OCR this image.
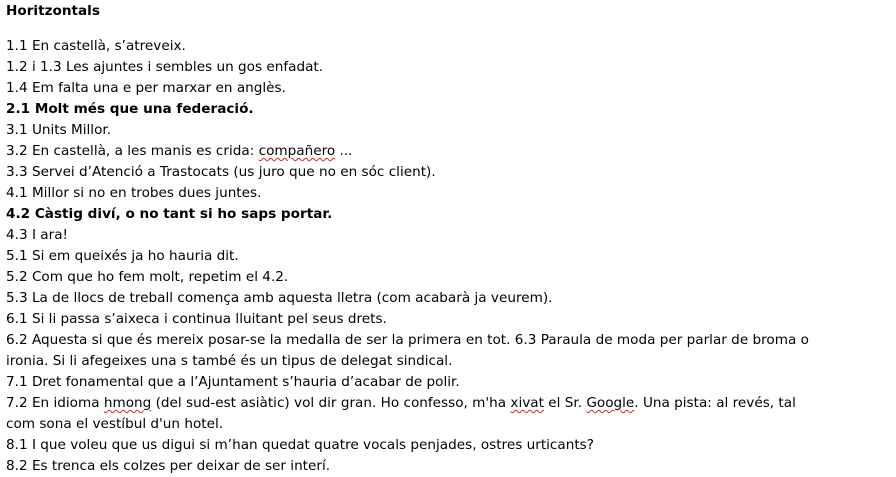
Horitzontals
1.1 En castellà, s’atreveix.
1.2 i 1.3 Les ajuntes i sembles un gos enfadat.
1.4 Em falta una e per marxar en anglès.
2.1 Molt més que una federació.
3.1 Units Millor.
3.2 En castellà, a les manis es crida: compañero ...
3.3 Servei d’Atenció a Trastocats (us juro que no en sóc client).
4.1 Millor si no en trobes dues juntes.
4.2 Càstig diví, o no tant si ho saps portar.
4.3 I ara!
5.1 Si em queixés ja ho hauria dit.
5.2 Com que ho fem molt, repetim el 4.2.
5.3 La de llocs de treball comença amb aquesta lletra (com acabarà ja veurem).
6.1 Si li passa s’aixeca i continua lluitant pel seus drets.
6.2 Aquesta si que és mereix posar-se la medalla de ser la primera en tot. 6.3 Paraula de moda per parlar de broma o
ironia. Si li afegeixes una s també és un tipus de delegat sindical.
7.1 Dret fonamental que a l’Ajuntament s’hauria d’acabar de polir.
7.2 En idioma hmong (del sud-est asiàtic) vol dir gran. Ho confesso, m'ha xivat el Sr. Google. Una pista: al revés, tal
com sona el vestíbul d'un hotel.
8.1 I que voleu que us digui si m’han quedat quatre vocals penjades, ostres urticants?
8.2 Es trenca els colzes per deixar de ser interí.
